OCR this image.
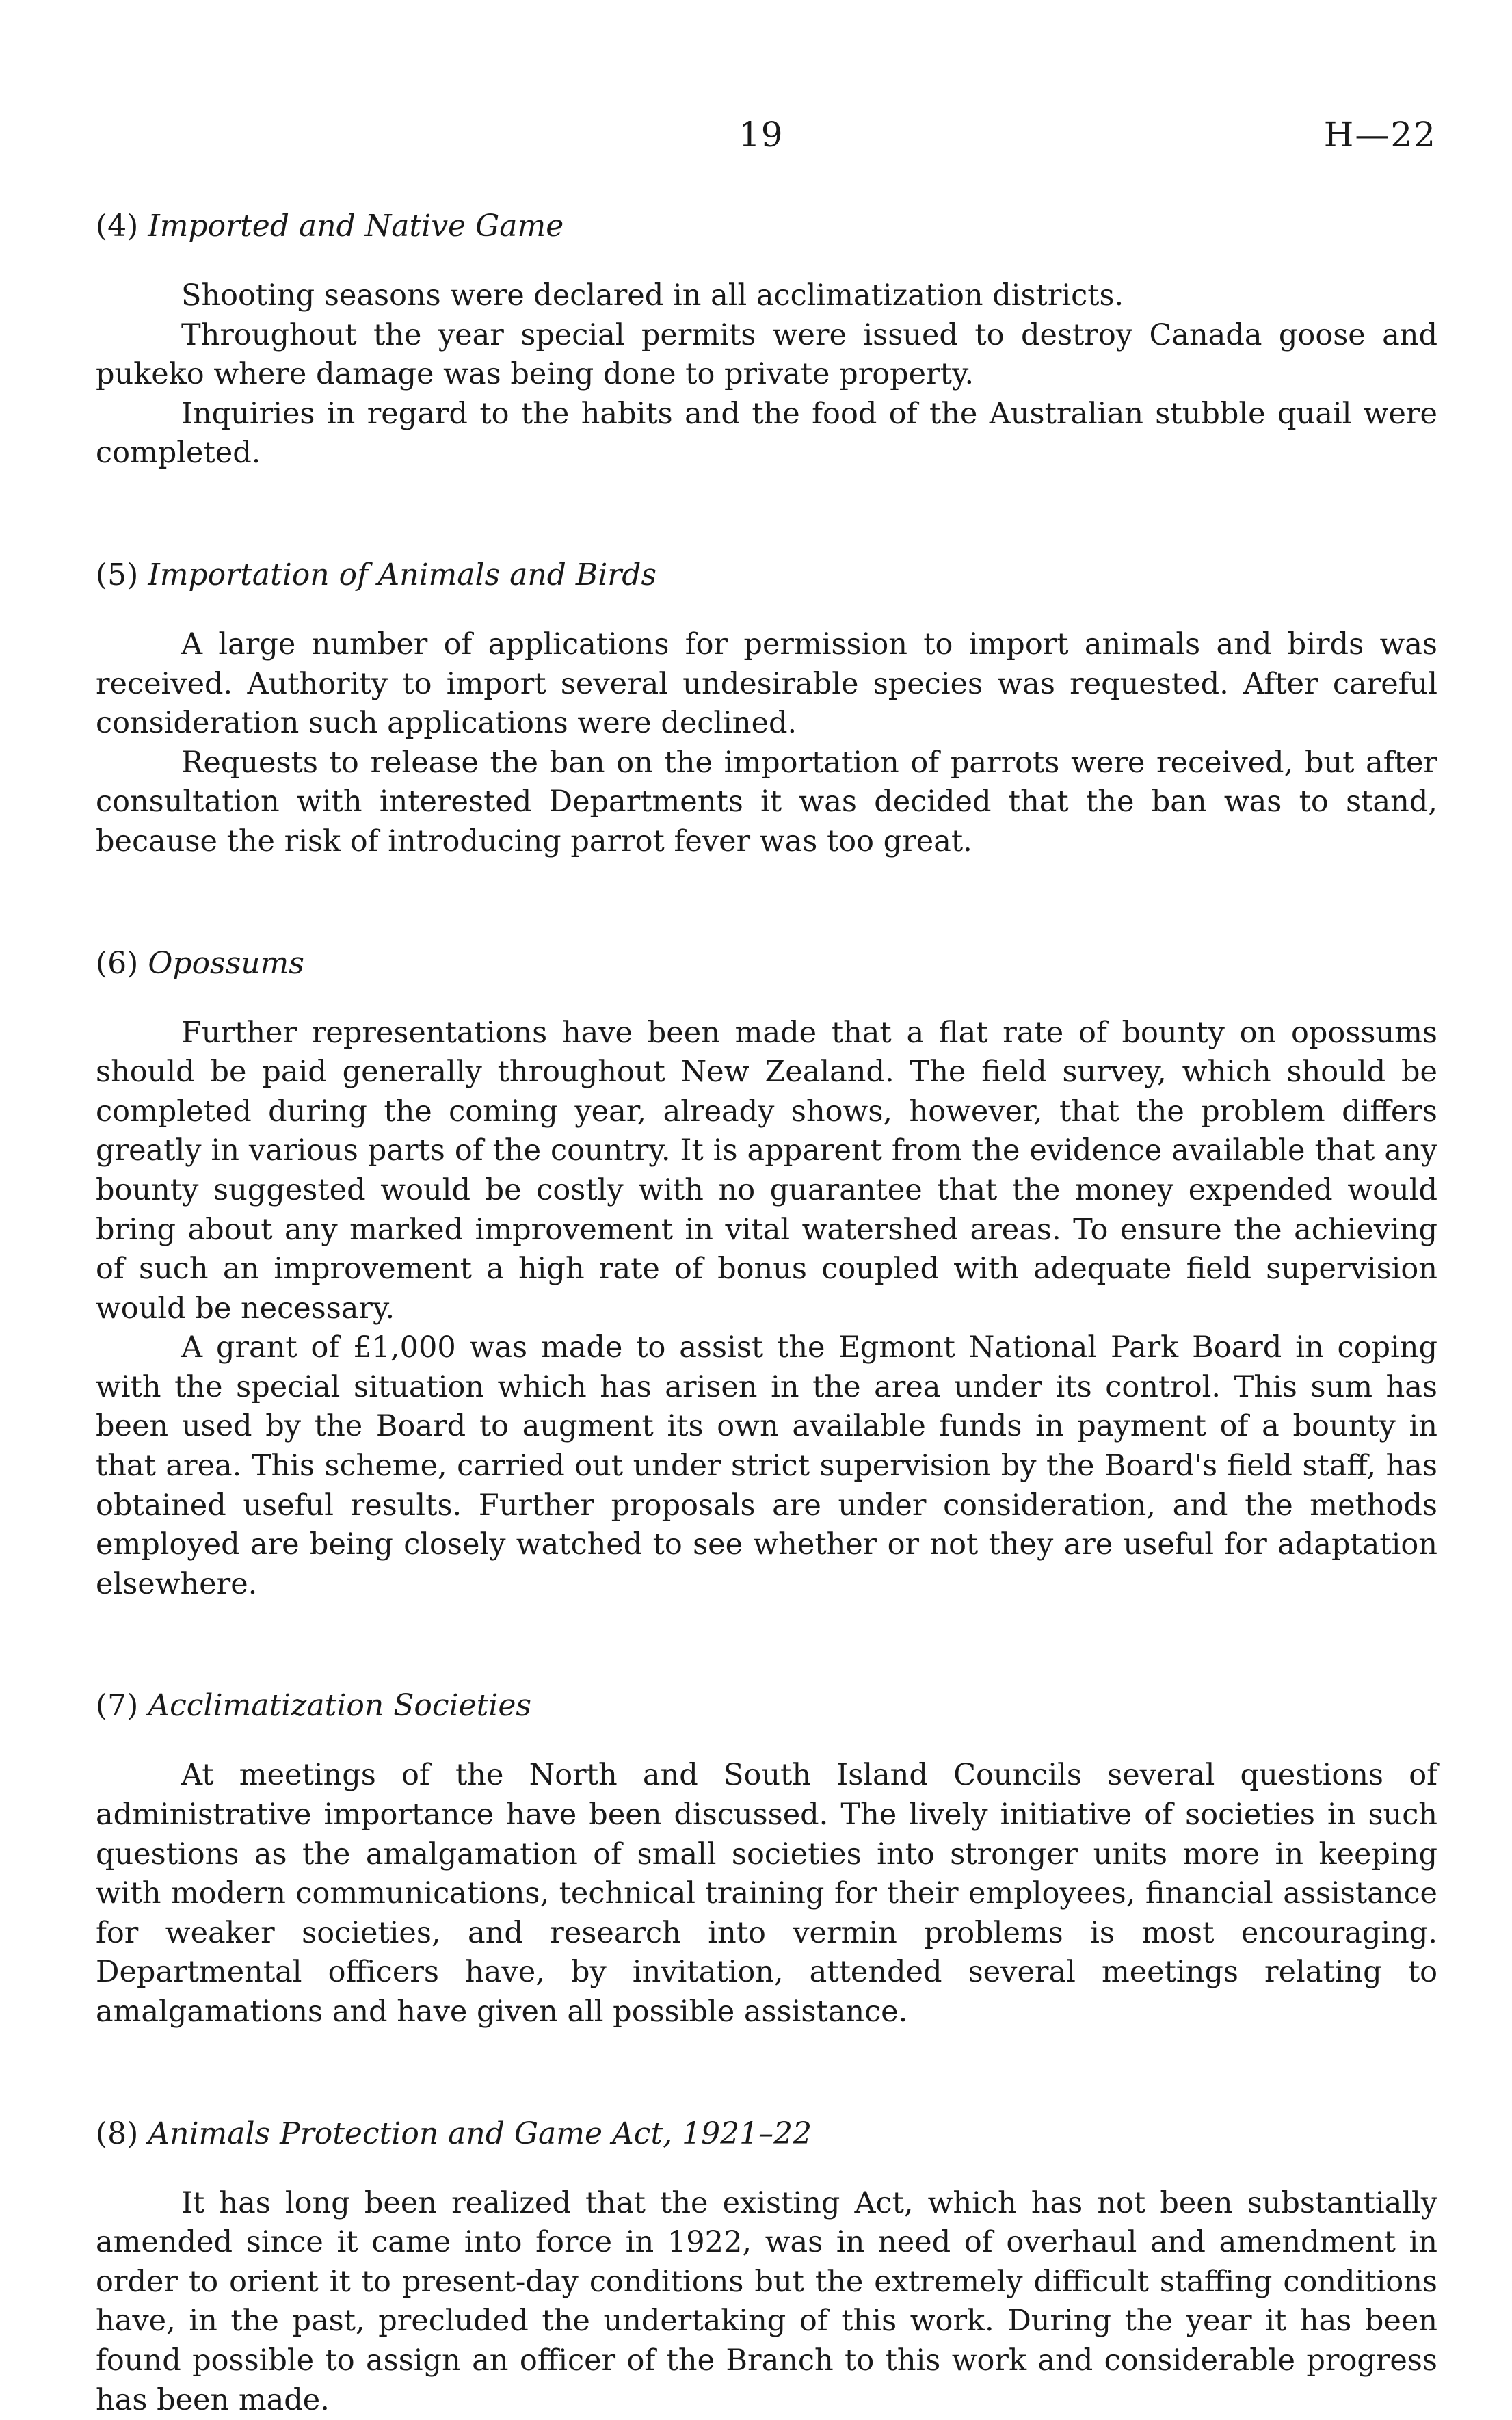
19	H—22
(4) Imported and Native Game

Shooting seasons were declared in all acclimatization districts.

Throughout the year special permits were issued to destroy Canada goose and pukeko where damage was being done to private property.

Inquiries in regard to the habits and the food of the Australian stubble quail were completed.

(5) Importation of Animals and Birds

A large number of applications for permission to import animals and birds was received. Authority to import several undesirable species was requested. After careful consideration such applications were declined.

Requests to release the ban on the importation of parrots were received, but after consultation with interested Departments it was decided that the ban was to stand, because the risk of introducing parrot fever was too great.

(6) Opossums

Further representations have been made that a flat rate of bounty on opossums should be paid generally throughout New Zealand. The field survey, which should be completed during the coming year, already shows, however, that the problem differs greatly in various parts of the country. It is apparent from the evidence available that any bounty suggested would be costly with no guarantee that the money expended would bring about any marked improvement in vital watershed areas. To ensure the achieving of such an improvement a high rate of bonus coupled with adequate field supervision would be necessary.

A grant of £1,000 was made to assist the Egmont National Park Board in coping with the special situation which has arisen in the area under its control. This sum has been used by the Board to augment its own available funds in payment of a bounty in that area. This scheme, carried out under strict supervision by the Board's field staff, has obtained useful results. Further proposals are under consideration, and the methods employed are being closely watched to see whether or not they are useful for adaptation elsewhere.

(7) Acclimatization Societies

At meetings of the North and South Island Councils several questions of administrative importance have been discussed. The lively initiative of societies in such questions as the amalgamation of small societies into stronger units more in keeping with modern communications, technical training for their employees, financial assistance for weaker societies, and research into vermin problems is most encouraging. Departmental officers have, by invitation, attended several meetings relating to amalgamations and have given all possible assistance.

(8) Animals Protection and Game Act, 1921–22

It has long been realized that the existing Act, which has not been substantially amended since it came into force in 1922, was in need of overhaul and amendment in order to orient it to present-day conditions but the extremely difficult staffing conditions have, in the past, precluded the undertaking of this work. During the year it has been found possible to assign an officer of the Branch to this work and considerable progress has been made.
